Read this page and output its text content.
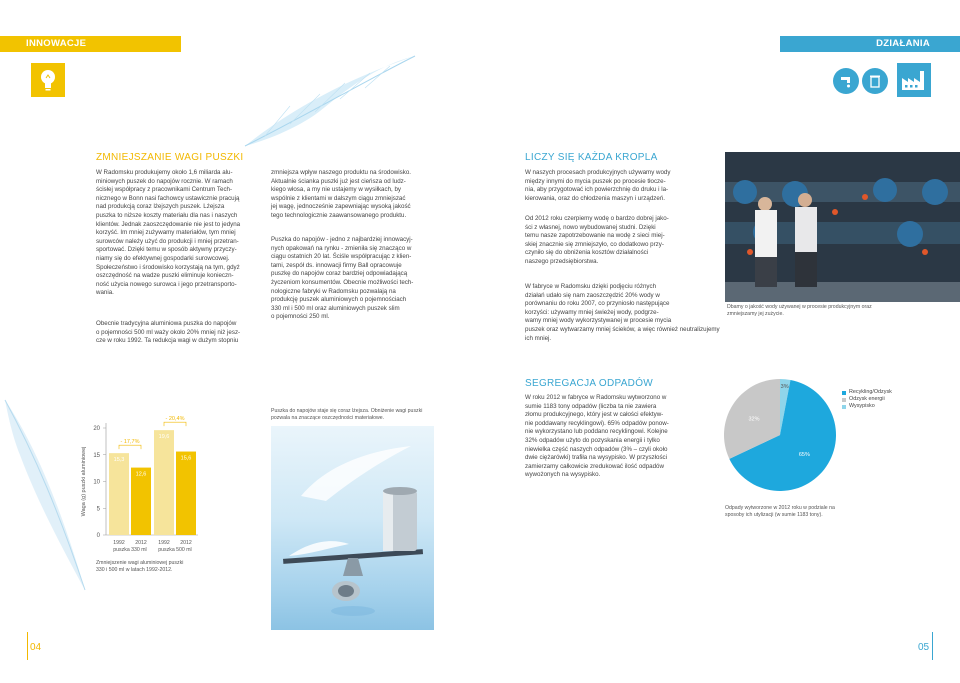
INNOWACJE	DZIAŁANIA
ZMNIEJSZANIE WAGI PUSZKI
W Radomsku produkujemy około 1,6 miliarda alu-
miniowych puszek do napojów rocznie. W ramach
ścisłej współpracy z pracownikami Centrum Tech-
nicznego w Bonn nasi fachowcy ustawicznie pracują
nad produkcją coraz lżejszych puszek. Lżejsza
puszka to niższe koszty materiału dla nas i naszych
klientów. Jednak zaoszczędowanie nie jest to jedyna
korzyść. Im mniej zużywamy materiałów, tym mniej
surowców należy użyć do produkcji i mniej przetran-
sportować. Dzięki temu w sposób aktywny przyczy-
niamy się do efektywnej gospodarki surowcowej.
Społeczeństwo i środowisko korzystają na tym, gdyż
oszczędność na wadze puszki eliminuje konieczn-
ność użycia nowego surowca i jego przetransporto-
wania.
Obecnie tradycyjna aluminiowa puszka do napojów
o pojemności 500 ml waży około 20% mniej niż jesz-
cze w roku 1992. Ta redukcja wagi w dużym stopniu
zmniejsza wpływ naszego produktu na środowisko.
Aktualnie ścianka puszki już jest cieńsza od ludz-
kiego włosa, a my nie ustajemy w wysiłkach, by
wspólnie z klientami w dalszym ciągu zmniejszać
jej wagę, jednocześnie zapewniając wysoką jakość
tego technologicznie zaawansowanego produktu.
Puszka do napojów - jedno z najbardziej innowacyj-
nych opakowań na rynku - zmieniła się znacząco w
ciągu ostatnich 20 lat. Ściśle współpracując z klien-
tami, zespół ds. innowacji firmy Ball opracowuje
puszkę do napojów coraz bardziej odpowiadającą
życzeniom konsumentów. Obecnie możliwości tech-
nologiczne fabryki w Radomsku pozwalają na
produkcję puszek aluminiowych o pojemnościach
330 ml i 500 ml oraz aluminiowych puszek slim
o pojemności 250 ml.
0
5
10
15
20
Waga (g) puszki aluminiowej	15,3
1992
12,6
2012
19,6
1992
15,6
2012
- 17,7%
puszka 330 ml
- 20,4%
puszka 500 ml
Zmniejszenie wagi aluminiowej puszki
330 i 500 ml w latach 1992-2012.
Puszka do napojów staje się coraz lżejsza. Obniżenie wagi puszki
pozwala na znaczące oszczędności materiałowe.
LICZY SIĘ KAŻDA KROPLA
W naszych procesach produkcyjnych używamy wody
między innymi do mycia puszek po procesie tłocze-
nia, aby przygotować ich powierzchnię do druku i la-
kierowania, oraz do chłodzenia maszyn i urządzeń.
Od 2012 roku czerpiemy wodę o bardzo dobrej jako-
ści z własnej, nowo wybudowanej studni. Dzięki
temu nasze zapotrzebowanie na wodę z sieci miej-
skiej znacznie się zmniejszyło, co dodatkowo przy-
czyniło się do obniżenia kosztów działalności
naszego przedsiębiorstwa.
W fabryce w Radomsku dzięki podjęciu różnych
działań udało się nam zaoszczędzić 20% wody w
porównaniu do roku 2007, co przyniosło następujące
korzyści: używamy mniej świeżej wody, podgrze-
wamy mniej wody wykorzystywanej w procesie mycia
puszek oraz wytwarzamy mniej ścieków, a więc również neutralizujemy
ich mniej.
Dbamy o jakość wody używanej w procesie produkcyjnym oraz
zmniejszamy jej zużycie.
SEGREGACJA ODPADÓW
W roku 2012 w fabryce w Radomsku wytworzono w
sumie 1183 tony odpadów (liczba ta nie zawiera
złomu produkcyjnego, który jest w całości efektyw-
nie poddawany recyklingowi). 65% odpadów ponow-
nie wykorzystano lub poddano recyklingowi. Kolejne
32% odpadów użyto do pozyskania energii i tylko
niewielka część naszych odpadów (3% – czyli około
dwie ciężarówki) trafiła na wysypisko. W przyszłości
zamierzamy całkowicie zredukować ilość odpadów
wywożonych na wysypisko.
3%
65%
32%
Recykling/Odzysk
Odzysk energii
Wysypisko
Odpady wytworzone w 2012 roku w podziale na
sposoby ich utylizacji (w sumie 1183 tony).
04	05
